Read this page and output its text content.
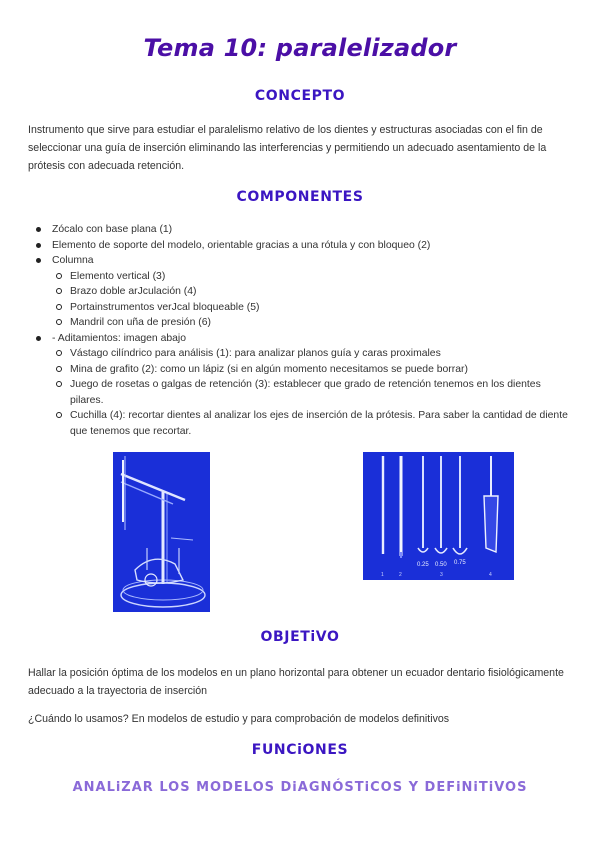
Tema 10: paralelizador
CONCEPTO
Instrumento que sirve para estudiar el paralelismo relativo de los dientes y estructuras asociadas con el fin de seleccionar una guía de inserción eliminando las interferencias y permitiendo un adecuado asentamiento de la prótesis con adecuada retención.
COMPONENTES
Zócalo con base plana (1)
Elemento de soporte del modelo, orientable gracias a una rótula y con bloqueo (2)
Columna
Elemento vertical (3)
Brazo doble arJculación (4)
Portainstrumentos verJcal bloqueable (5)
Mandril con uña de presión (6)
- Aditamientos: imagen abajo
Vástago cilíndrico para análisis (1): para analizar planos guía y caras proximales
Mina de grafito (2): como un lápiz (si en algún momento necesitamos se puede borrar)
Juego de rosetas o galgas de retención (3): establecer que grado de retención tenemos en los dientes pilares.
Cuchilla (4): recortar dientes al analizar los ejes de inserción de la prótesis. Para saber la cantidad de diente que tenemos que recortar.
0.25 0.50 0.75
1	2	3	4
OBJETiVO
Hallar la posición óptima de los modelos en un plano horizontal para obtener un ecuador dentario fisiológicamente adecuado a la trayectoria de inserción
¿Cuándo lo usamos? En modelos de estudio y para comprobación de modelos definitivos
FUNCiONES
ANALiZAR LOS MODELOS DiAGNÓSTiCOS Y DEFiNiTiVOS
